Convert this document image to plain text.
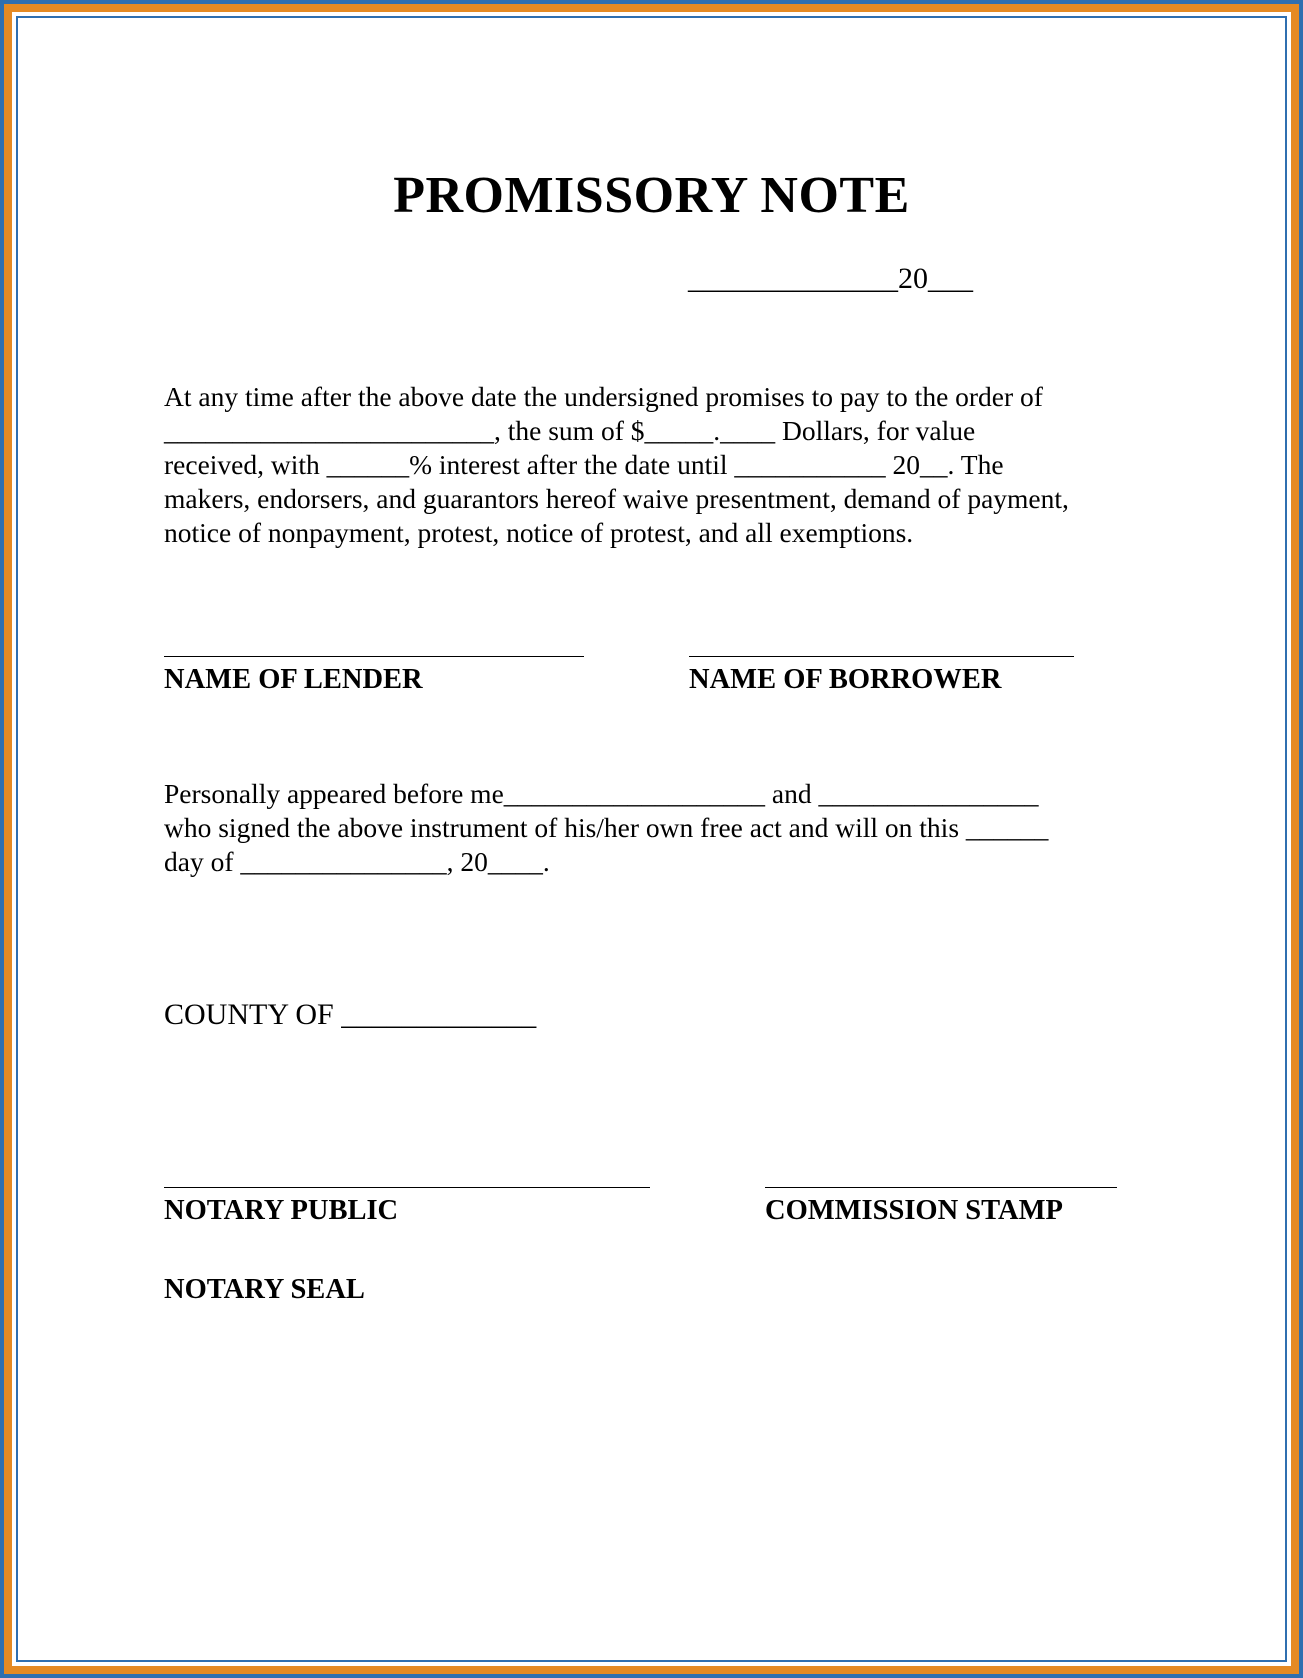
PROMISSORY NOTE
______________20___
At any time after the above date the undersigned promises to pay to the order of
________________________, the sum of $_____.____ Dollars, for value
received, with ______% interest after the date until ___________ 20__. The
makers, endorsers, and guarantors hereof waive presentment, demand of payment,
notice of nonpayment, protest, notice of protest, and all exemptions.
NAME OF LENDER	NAME OF BORROWER
Personally appeared before me___________________ and ________________
who signed the above instrument of his/her own free act and will on this ______
day of _______________, 20____.
COUNTY OF _____________
NOTARY PUBLIC	COMMISSION STAMP
NOTARY SEAL
